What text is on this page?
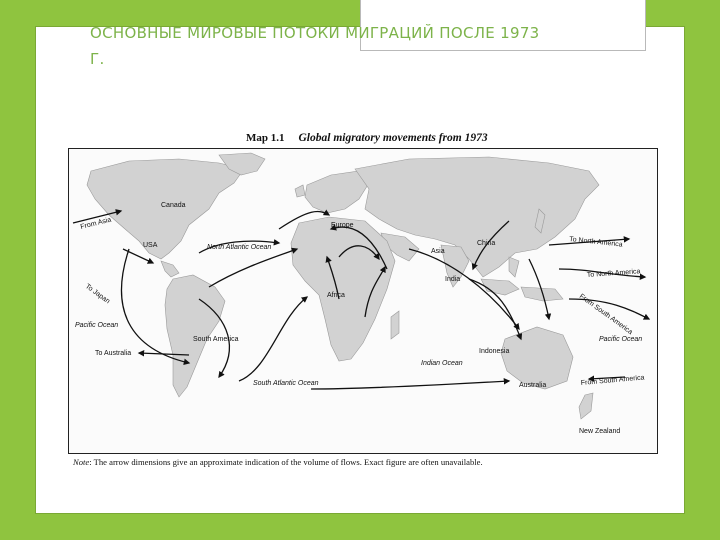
ОСНОВНЫЕ МИРОВЫЕ ПОТОКИ МИГРАЦИЙ ПОСЛЕ 1973
Г.
Map 1.1 Global migratory movements from 1973
Canada
USA
Europe
Asia
China
India
Africa
South America
Indonesia
Australia
New Zealand
North Atlantic Ocean
Pacific Ocean
South Atlantic Ocean
Indian Ocean
Pacific Ocean
From Asia
To Japan
To Australia
To North America
To North America
From South America
From South America
Note: The arrow dimensions give an approximate indication of the volume of flows. Exact figure are often unavailable.
